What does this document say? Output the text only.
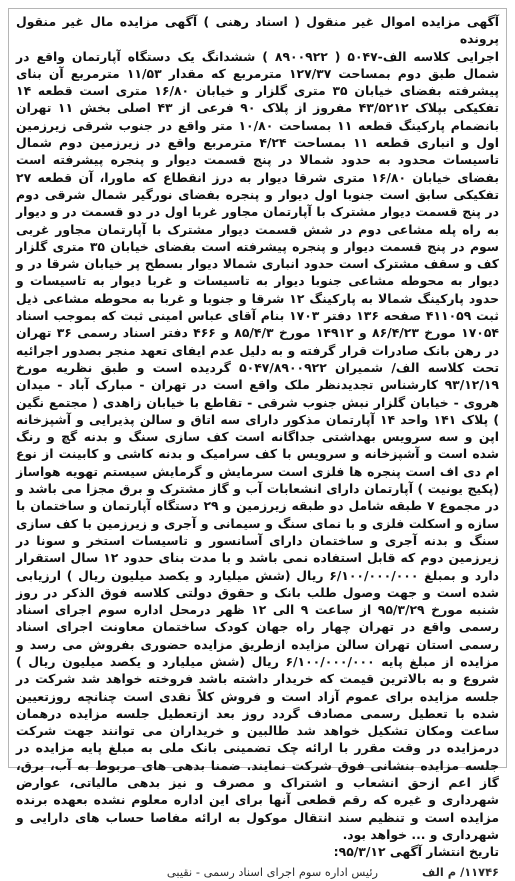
آگهی مزایده اموال غیر منقول ( اسناد رهنی ) آگهی مزایده مال غیر منقول پرونده
اجرایی کلاسه الف-۵۰۴۷ ( ۸۹۰۰۹۲۲ ) ششدانگ یک دستگاه آپارتمان واقع در شمال طبق دوم بمساحت ۱۲۷/۳۷ مترمربع که مقدار ۱۱/۵۳ مترمربع آن بنای پیشرفته بفضای خیابان ۳۵ متری گلزار و خیابان ۱۶/۸۰ متری است قطعه ۱۴ تفکیکی بپلاک ۴۳/۵۲۱۲ مفروز از پلاک ۹۰ فرعی از ۴۳ اصلی بخش ۱۱ تهران بانضمام پارکینگ قطعه ۱۱ بمساحت ۱۰/۸۰ متر واقع در جنوب شرقی زیرزمین اول و انباری قطعه ۱۱ بمساحت ۴/۲۴ مترمربع واقع در زیرزمین دوم شمال تاسیسات محدود به حدود شمالا در پنج قسمت دیوار و پنجره پیشرفته است بفضای خیابان ۱۶/۸۰ متری شرقا دیوار به درز انقطاع که ماورا، آن قطعه ۲۷ تفکیکی سابق است جنوبا اول دیوار و پنجره بفضای نورگیر شمال شرقی دوم در پنج قسمت دیوار مشترک با آپارتمان مجاور غربا اول در دو قسمت در و دیوار به راه پله مشاعی دوم در شش قسمت دیوار مشترک با آپارتمان مجاور غربی سوم در پنج قسمت دیوار و پنجره پیشرفته است بفضای خیابان ۳۵ متری گلزار کف و سقف مشترک است حدود انباری شمالا دیوار بسطح پر خیابان شرقا در و دیوار به محوطه مشاعی جنوبا دیوار به تاسیسات و غربا دیوار به تاسیسات و حدود پارکینگ شمالا به پارکینگ ۱۲ شرقا و جنوبا و غربا به محوطه مشاعی ذیل ثبت ۴۱۱۰۵۹ صفحه ۱۳۶ دفتر ۱۷۰۳ بنام آقای عباس امینی ثبت که بموجب اسناد ۱۷۰۵۴ مورخ ۸۶/۴/۲۳ و ۱۴۹۱۲ مورخ ۸۵/۴/۳ و ۴۶۶ دفتر اسناد رسمی ۳۶ تهران در رهن بانک صادرات قرار گرفته و به دلیل عدم ایفای تعهد منجر بصدور اجرائیه تحت کلاسه الف/ شمیران ۵۰۴۷/۸۹۰۰۹۲۲ گردیده است و طبق نظریه مورخ ۹۳/۱۲/۱۹ کارشناس تجدیدنظر ملک واقع است در تهران - مبارک آباد - میدان هروی - خیابان گلزار نبش جنوب شرقی - تقاطع با خیابان زاهدی ( مجتمع نگین ) پلاک ۱۴۱ واحد ۱۴ آپارتمان مذکور دارای سه اتاق و سالن پذیرایی و آشپزخانه اپن و سه سرویس بهداشتی جداگانه است کف سازی سنگ و بدنه گچ و رنگ شده است و آشپزخانه و سرویس با کف سرامیک و بدنه کاشی و کابینت از نوع ام دی اف است پنجره ها فلزی است سرمایش و گرمایش سیستم تهویه هواساز (پکیج یونیت ) آپارتمان دارای انشعابات آب و گاز مشترک و برق مجزا می باشد و در مجموع ۷ طبقه شامل دو طبقه زیرزمین و ۲۹ دستگاه آپارتمان و ساختمان با سازه و اسکلت فلزی و با نمای سنگ و سیمانی و آجری و زیرزمین با کف سازی سنگ و بدنه آجری و ساختمان دارای آسانسور و تاسیسات استخر و سونا در زیرزمین دوم که قابل استفاده نمی باشد و با مدت بنای حدود ۱۲ سال استقرار دارد و بمبلغ ۶/۱۰۰/۰۰۰/۰۰۰ ریال (شش میلیارد و یکصد میلیون ریال ) ارزیابی شده است و جهت وصول طلب بانک و حقوق دولتی کلاسه فوق الذکر در روز شنبه مورخ ۹۵/۳/۲۹ از ساعت ۹ الی ۱۲ ظهر درمحل اداره سوم اجرای اسناد رسمی واقع در تهران چهار راه جهان کودک ساختمان معاونت اجرای اسناد رسمی استان تهران سالن مزایده ازطریق مزایده حضوری بفروش می رسد و مزایده از مبلغ پایه ۶/۱۰۰/۰۰۰/۰۰۰ ریال (شش میلیارد و یکصد میلیون ریال ) شروع و به بالاترین قیمت که خریدار داشته باشد فروخته خواهد شد شرکت در جلسه مزایده برای عموم آزاد است و فروش کلاً نقدی است چنانچه روزتعیین شده با تعطیل رسمی مصادف گردد روز بعد ازتعطیل جلسه مزایده درهمان ساعت ومکان تشکیل خواهد شد طالبین و خریداران می توانند جهت شرکت درمزایده در وقت مقرر با ارائه چک تضمینی بانک ملی به مبلغ پایه مزایده در جلسه مزایده بنشانی فوق شرکت نمایند. ضمنا بدهی های مربوط به آب، برق، گاز اعم ازحق انشعاب و اشتراک و مصرف و نیز بدهی مالیاتی، عوارض شهرداری و غیره که رقم قطعی آنها برای این اداره معلوم نشده بعهده برنده مزایده است و تنظیم سند انتقال موکول به ارائه مفاصا حساب های دارایی و شهرداری و ... خواهد بود.
تاریخ انتشار آگهی ۹۵/۳/۱۲:
۱۱۷۴۶/ م الف
رئیس اداره سوم اجرای اسناد رسمی - نقیبی
